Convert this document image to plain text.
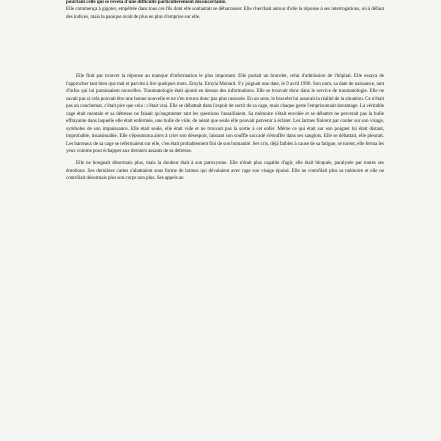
pourtant celle qui se révéla d'une difficulté particulièrement déconcertante.

Elle commença à gigoter, empêtrée dans tous ces fils dont elle souhaitait se débarrasser. Elle cherchait autour d'elle la réponse à ses interrogations, où à défaut des indices, mais la panique avait de plus en plus d'emprise sur elle.

Elle finit par trouver la réponse au manque d'information le plus important. Elle portait un bracelet, celui d'admission de l'hôpital. Elle essaya de l'approcher tant bien que mal et parvint à lire quelques mots. Emyla. Emyla Monard. S'y joignait une date, le 9 avril 1990. Son nom, sa date de naissance, tant d'infos qui lui paraissaient nouvelles. Traumatologie était ajouté en dessus des informations. Elle se trouvait donc dans le service de traumatologie. Elle ne savait pas si cela pouvait être une bonne nouvelle et ne s'en trouva donc pas plus rassurée. En un sens, le bracelet lui assurait la réalité de la situation. Ce n'était pas un cauchemar, c'était pire que cela : c'était vrai. Elle se débattait dans l'espoir de sortir de sa cage, mais chaque geste l'emprisonnait davantage. La véritable cage était mentale et sa détresse ne faisait qu'augmenter tant les questions l'assaillaient. Sa mémoire s'était envolée et se débattre ne percerait pas la bulle effrayante dans laquelle elle était enfermée, une bulle de vide, de néant que seule elle pouvait parvenir à éclater. Les larmes finirent par couler sur son visage, symboles de son impuissance. Elle était seule, elle était vide et ne trouvait pas la sortie à cet enfer. Même ce qui était sur son poignet lui était distant, improbable, insaisissable. Elle s'époumona alors à crier son désespoir, laissant son souffle saccadé s'étouffer dans ses sanglots. Elle se débattait, elle pleurait. Les barreaux de sa cage se refermaient sur elle, c'en était probablement fini de son humanité. Ses cris, déjà faibles à cause de sa fatigue, se turent, elle ferma les yeux comme pour échapper aux derniers assauts de sa détresse.

Elle ne bougeait désormais plus, mais la douleur était à son paroxysme. Elle n'était plus capable d'agir, elle était bloquée, paralysée par toutes ses émotions. Ses dernières cartes s'abattaient sous forme de larmes qui dévalaient avec rage son visage épuisé. Elle ne contrôlait plus sa mémoire et elle ne contrôlait désormais plus son corps non plus. Ses appels au
